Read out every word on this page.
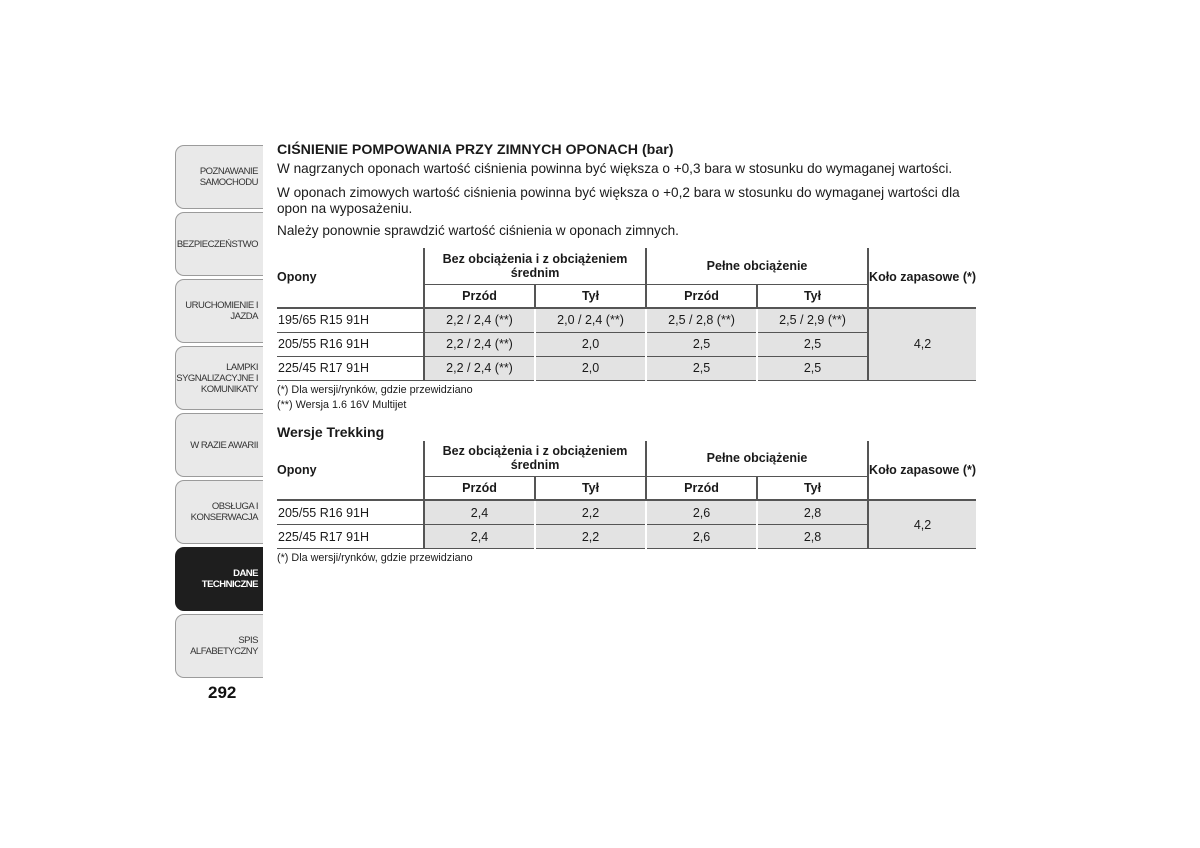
POZNAWANIE
SAMOCHODU
BEZPIECZEŃSTWO
URUCHOMIENIE I
JAZDA
LAMPKI
SYGNALIZACYJNE I
KOMUNIKATY
W RAZIE AWARII
OBSŁUGA I
KONSERWACJA
DANE
TECHNICZNE
SPIS ALFABETYCZNY
292
CIŚNIENIE POMPOWANIA PRZY ZIMNYCH OPONACH (bar)

W nagrzanych oponach wartość ciśnienia powinna być większa o +0,3 bara w stosunku do wymaganej wartości.

W oponach zimowych wartość ciśnienia powinna być większa o +0,2 bara w stosunku do wymaganej wartości dla opon na wyposażeniu.

Należy ponownie sprawdzić wartość ciśnienia w oponach zimnych.

Opony	Bez obciążenia i z obciążeniem średnim		Pełne obciążenie		Koło zapasowe (*)
	Przód	Tył	Przód	Tył	
195/65 R15 91H	2,2 / 2,4 (**)	2,0 / 2,4 (**)	2,5 / 2,8 (**)	2,5 / 2,9 (**)	4,2
205/55 R16 91H	2,2 / 2,4 (**)	2,0	2,5	2,5	
225/45 R17 91H	2,2 / 2,4 (**)	2,0	2,5	2,5	

(*) Dla wersji/rynków, gdzie przewidziano

(**) Wersja 1.6 16V Multijet

Wersje Trekking
Opony	Bez obciążenia i z obciążeniem średnim		Pełne obciążenie		Koło zapasowe (*)
	Przód	Tył	Przód	Tył	
205/55 R16 91H	2,4	2,2	2,6	2,8	4,2
225/45 R17 91H	2,4	2,2	2,6	2,8	

(*) Dla wersji/rynków, gdzie przewidziano
